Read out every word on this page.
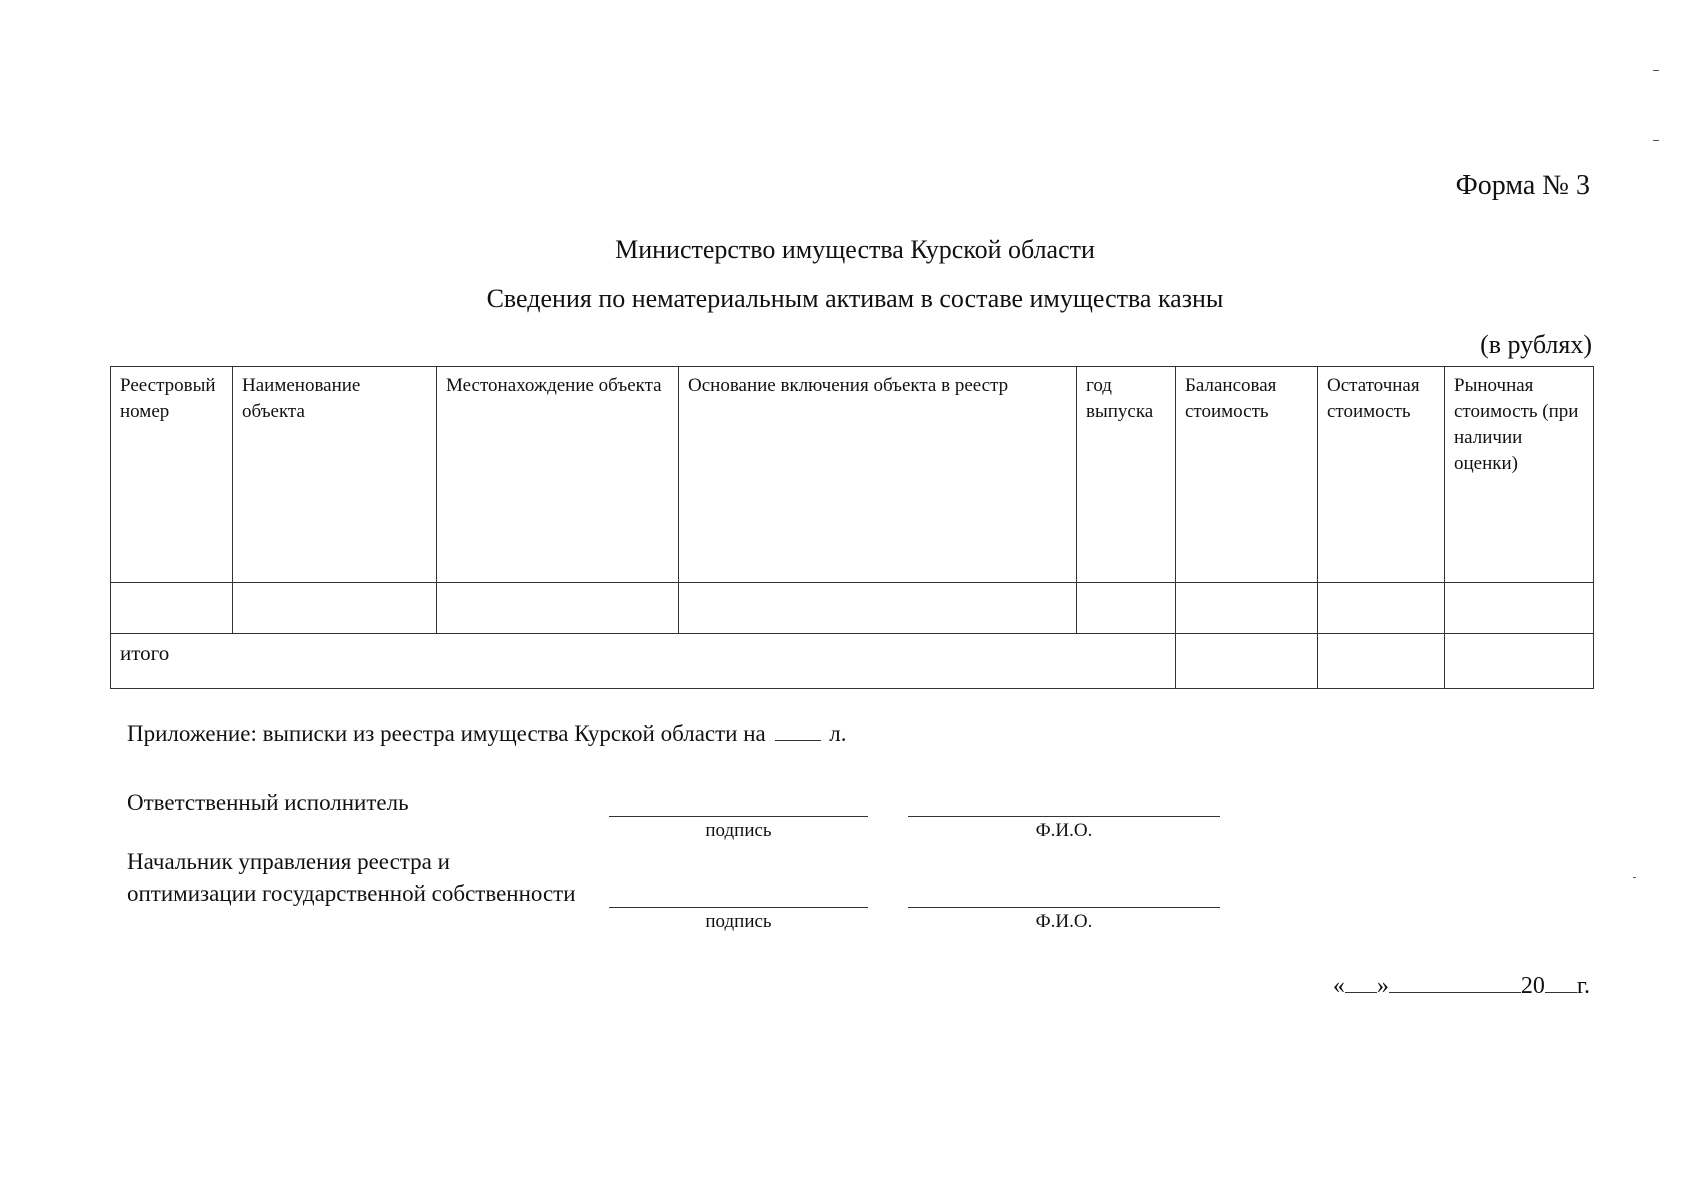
Форма № 3
Министерство имущества Курской области
Сведения по нематериальным активам в составе имущества казны
(в рублях)
Реестровый номер	Наименование объекта	Местонахождение объекта	Основание включения объекта в реестр	год выпуска	Балансовая стоимость	Остаточная стоимость	Рыночная стоимость (при наличии оценки)

итого							
Приложение: выписки из реестра имущества Курской области на	л.
Ответственный исполнитель
подпись	Ф.И.О.
Начальник управления реестра и
оптимизации государственной собственности
подпись	Ф.И.О.
« »	20 г.
